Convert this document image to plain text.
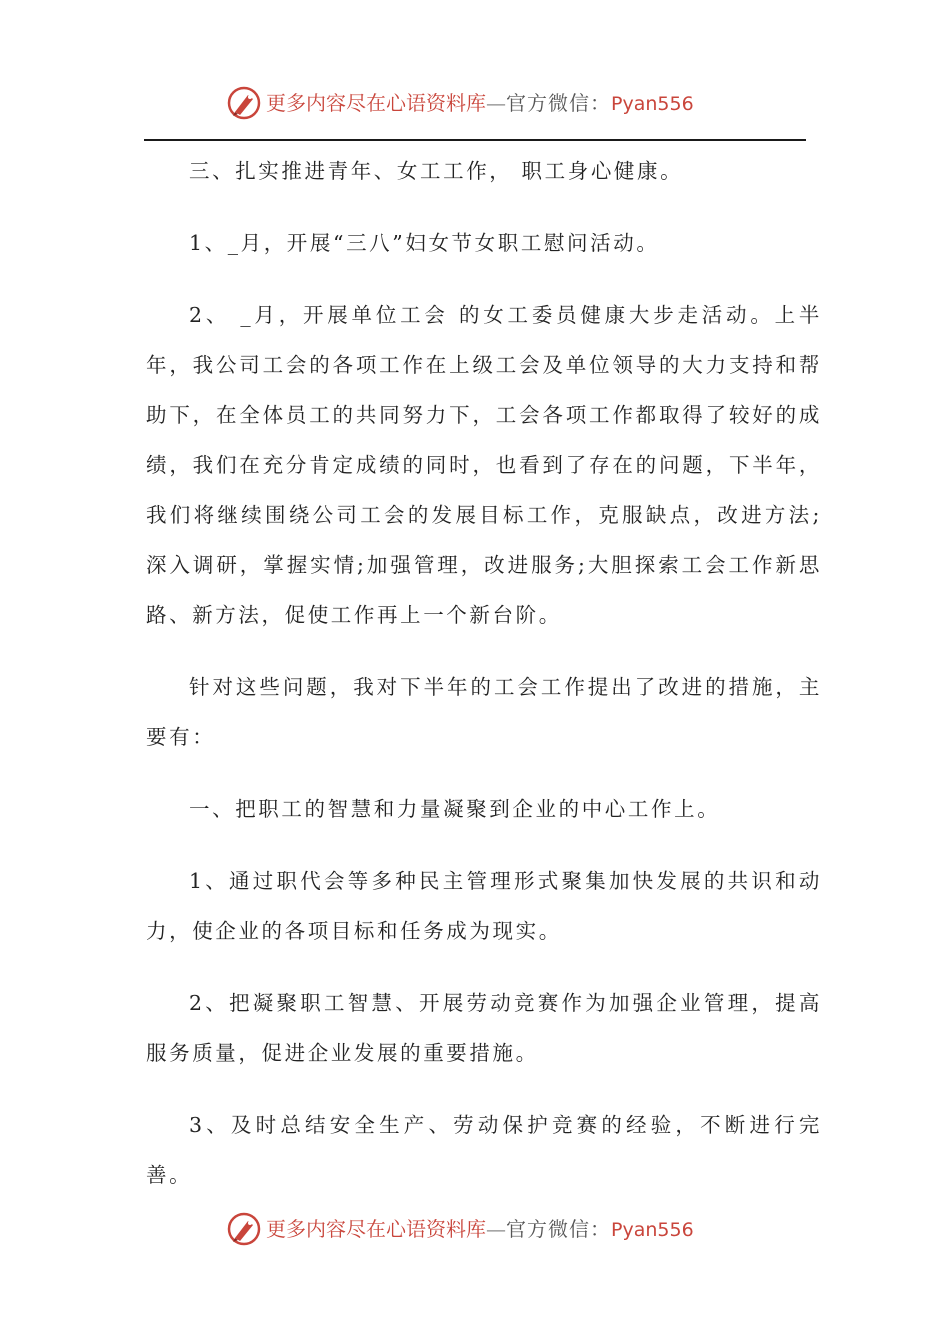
更多内容尽在心语资料库—官方微信：Pyan556

三、扎实推进青年、女工工作， 职工身心健康。

1、_月，开展“三八”妇女节女职工慰问活动。

2、 _月，开展单位工会 的女工委员健康大步走活动。上半年，我公司工会的各项工作在上级工会及单位领导的大力支持和帮助下，在全体员工的共同努力下，工会各项工作都取得了较好的成绩，我们在充分肯定成绩的同时，也看到了存在的问题，下半年，我们将继续围绕公司工会的发展目标工作，克服缺点，改进方法;深入调研，掌握实情;加强管理，改进服务;大胆探索工会工作新思路、新方法，促使工作再上一个新台阶。

针对这些问题，我对下半年的工会工作提出了改进的措施，主要有：

一、把职工的智慧和力量凝聚到企业的中心工作上。

1、通过职代会等多种民主管理形式聚集加快发展的共识和动力，使企业的各项目标和任务成为现实。

2、把凝聚职工智慧、开展劳动竞赛作为加强企业管理，提高服务质量，促进企业发展的重要措施。

3、及时总结安全生产、劳动保护竞赛的经验，不断进行完善。

更多内容尽在心语资料库—官方微信：Pyan556
